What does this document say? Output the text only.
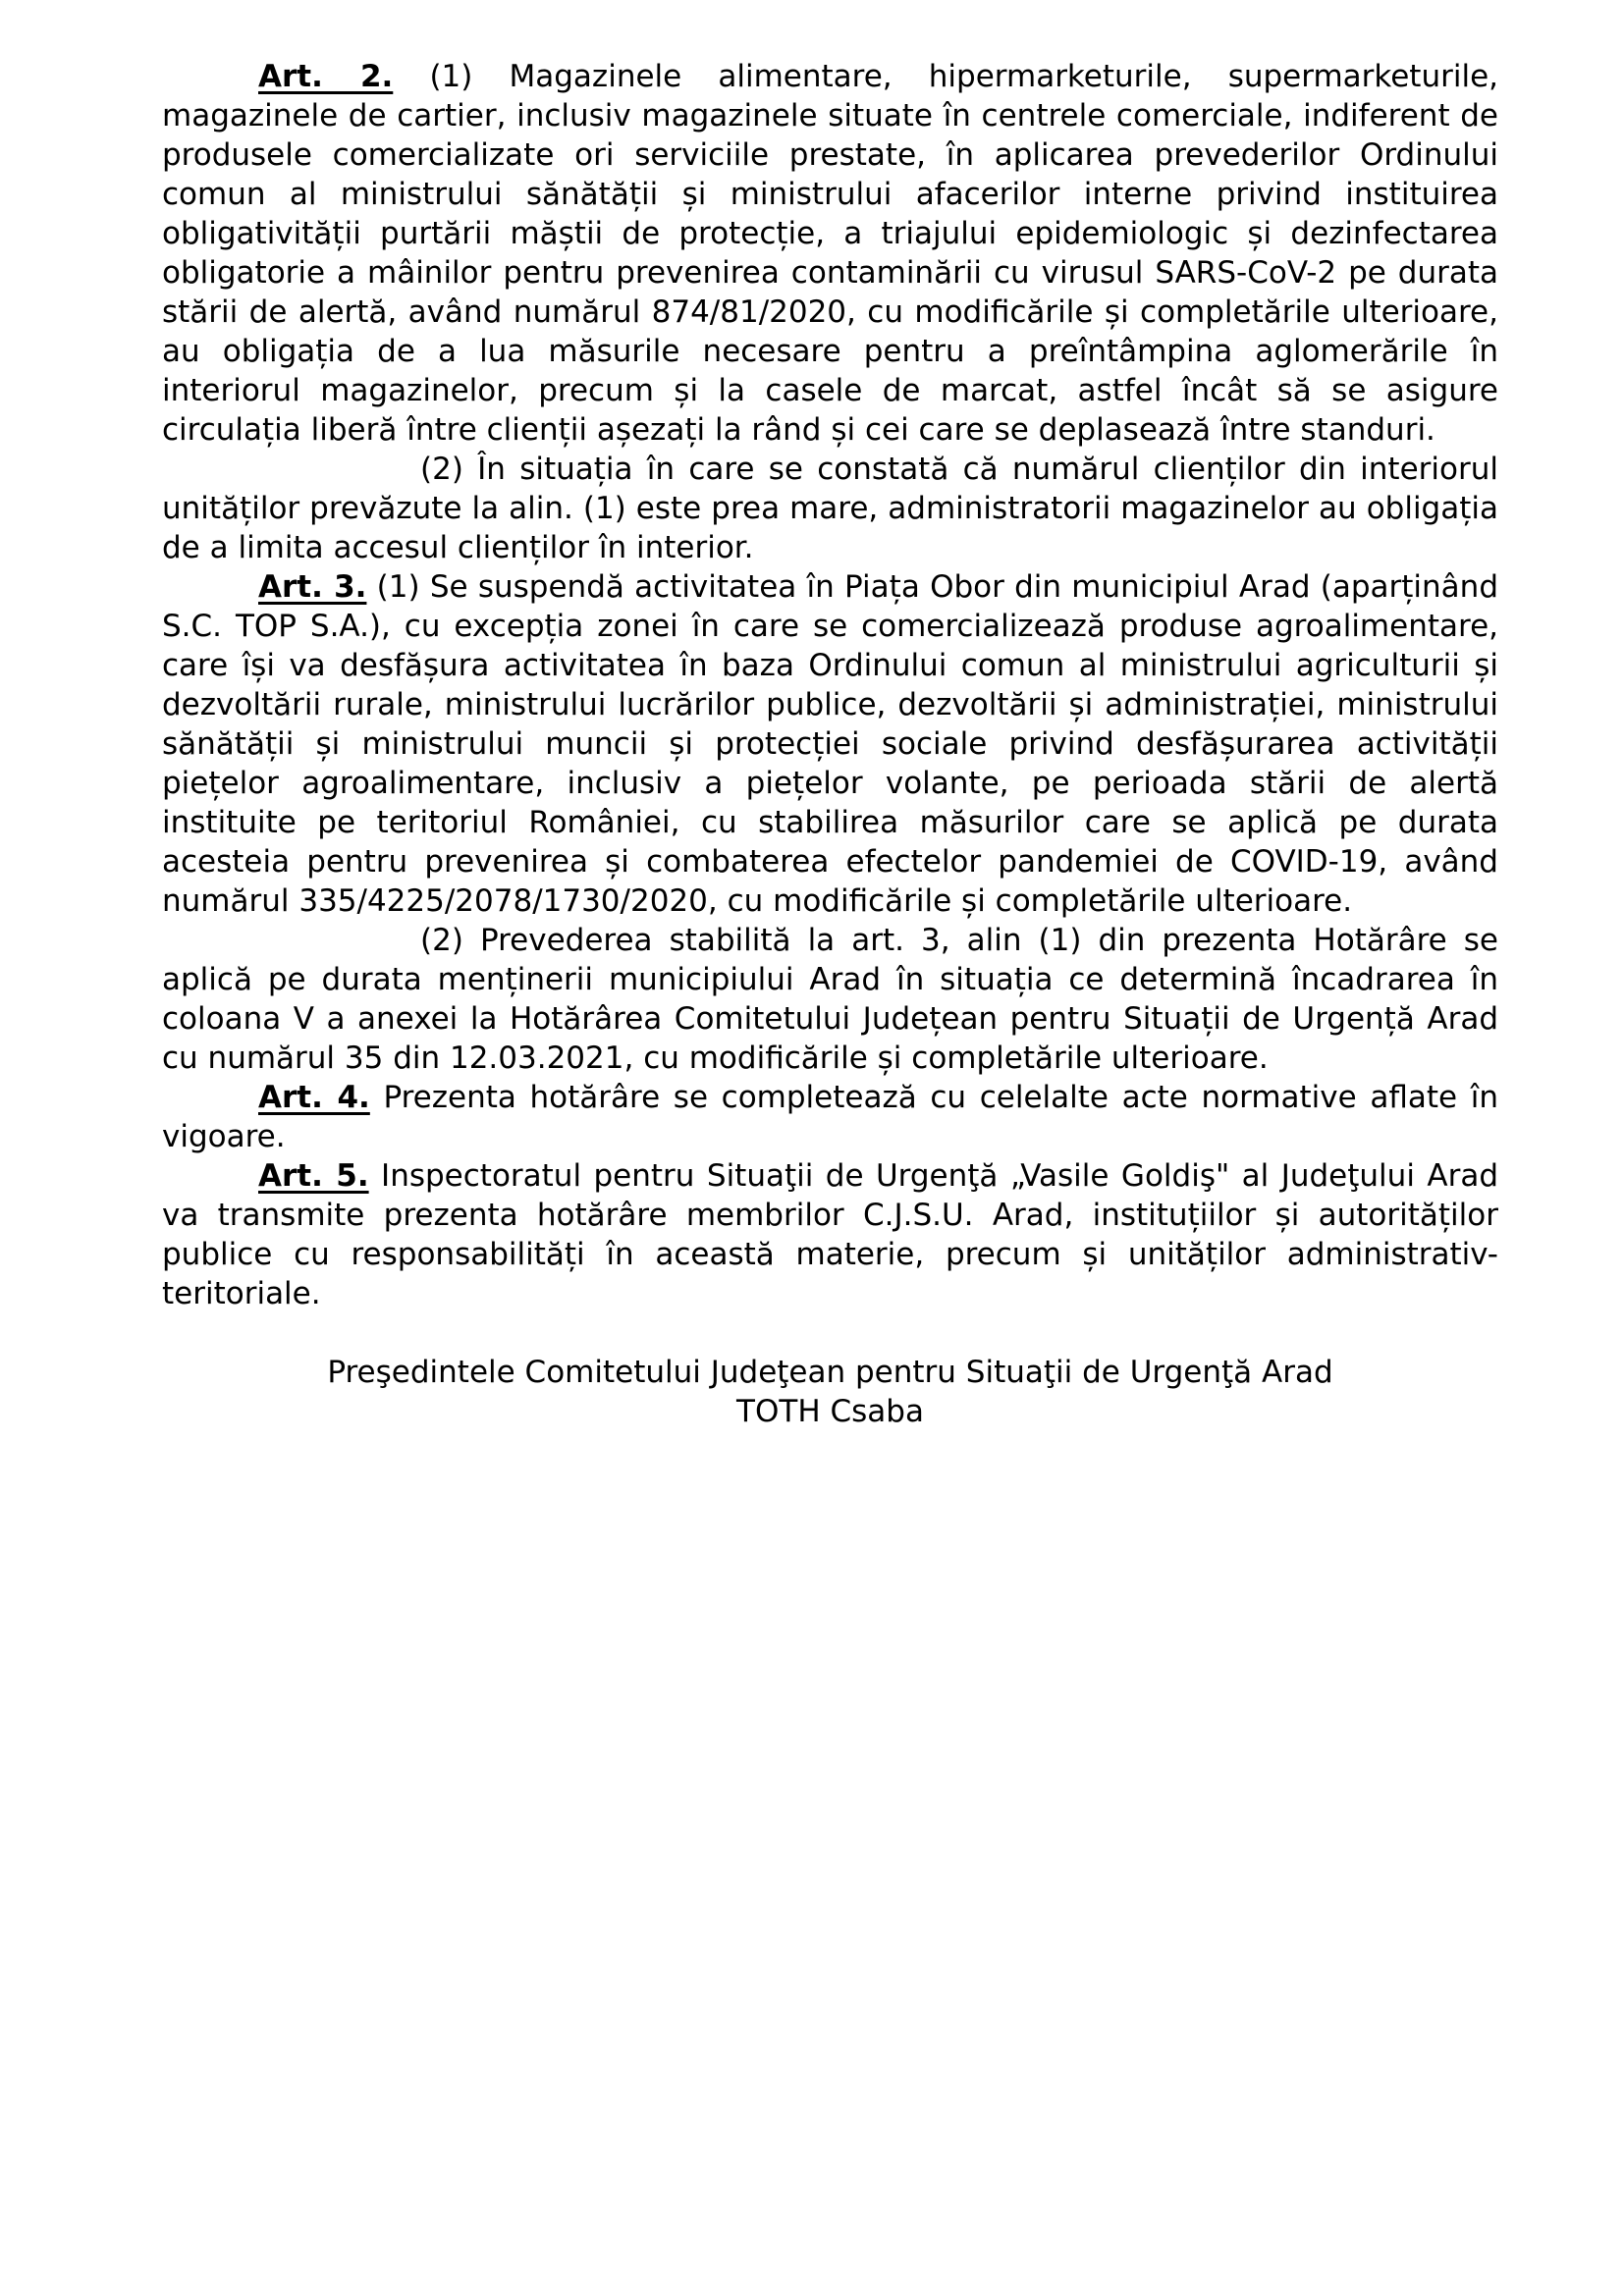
Art. 2. (1) Magazinele alimentare, hipermarketurile, supermarketurile, magazinele de cartier, inclusiv magazinele situate în centrele comerciale, indiferent de produsele comercializate ori serviciile prestate, în aplicarea prevederilor Ordinului comun al ministrului sănătății și ministrului afacerilor interne privind instituirea obligativității purtării măștii de protecție, a triajului epidemiologic și dezinfectarea obligatorie a mâinilor pentru prevenirea contaminării cu virusul SARS-CoV-2 pe durata stării de alertă, având numărul 874/81/2020, cu modificările și completările ulterioare, au obligația de a lua măsurile necesare pentru a preîntâmpina aglomerările în interiorul magazinelor, precum și la casele de marcat, astfel încât să se asigure circulația liberă între clienții așezați la rând și cei care se deplasează între standuri.

(2) În situația în care se constată că numărul clienților din interiorul unităților prevăzute la alin. (1) este prea mare, administratorii magazinelor au obligația de a limita accesul clienților în interior.

Art. 3. (1) Se suspendă activitatea în Piața Obor din municipiul Arad (aparținând S.C. TOP S.A.), cu excepția zonei în care se comercializează produse agroalimentare, care își va desfășura activitatea în baza Ordinului comun al ministrului agriculturii și dezvoltării rurale, ministrului lucrărilor publice, dezvoltării și administrației, ministrului sănătății și ministrului muncii și protecției sociale privind desfășurarea activității piețelor agroalimentare, inclusiv a piețelor volante, pe perioada stării de alertă instituite pe teritoriul României, cu stabilirea măsurilor care se aplică pe durata acesteia pentru prevenirea și combaterea efectelor pandemiei de COVID-19, având numărul 335/4225/2078/1730/2020, cu modificările și completările ulterioare.

(2) Prevederea stabilită la art. 3, alin (1) din prezenta Hotărâre se aplică pe durata menținerii municipiului Arad în situația ce determină încadrarea în coloana V a anexei la Hotărârea Comitetului Județean pentru Situații de Urgență Arad cu numărul 35 din 12.03.2021, cu modificările și completările ulterioare.

Art. 4. Prezenta hotărâre se completează cu celelalte acte normative aflate în vigoare.

Art. 5. Inspectoratul pentru Situaţii de Urgenţă „Vasile Goldiş" al Judeţului Arad va transmite prezenta hotărâre membrilor C.J.S.U. Arad, instituțiilor și autorităților publice cu responsabilități în această materie, precum și unităților administrativ-teritoriale.

Preşedintele Comitetului Judeţean pentru Situaţii de Urgenţă Arad

TOTH Csaba
